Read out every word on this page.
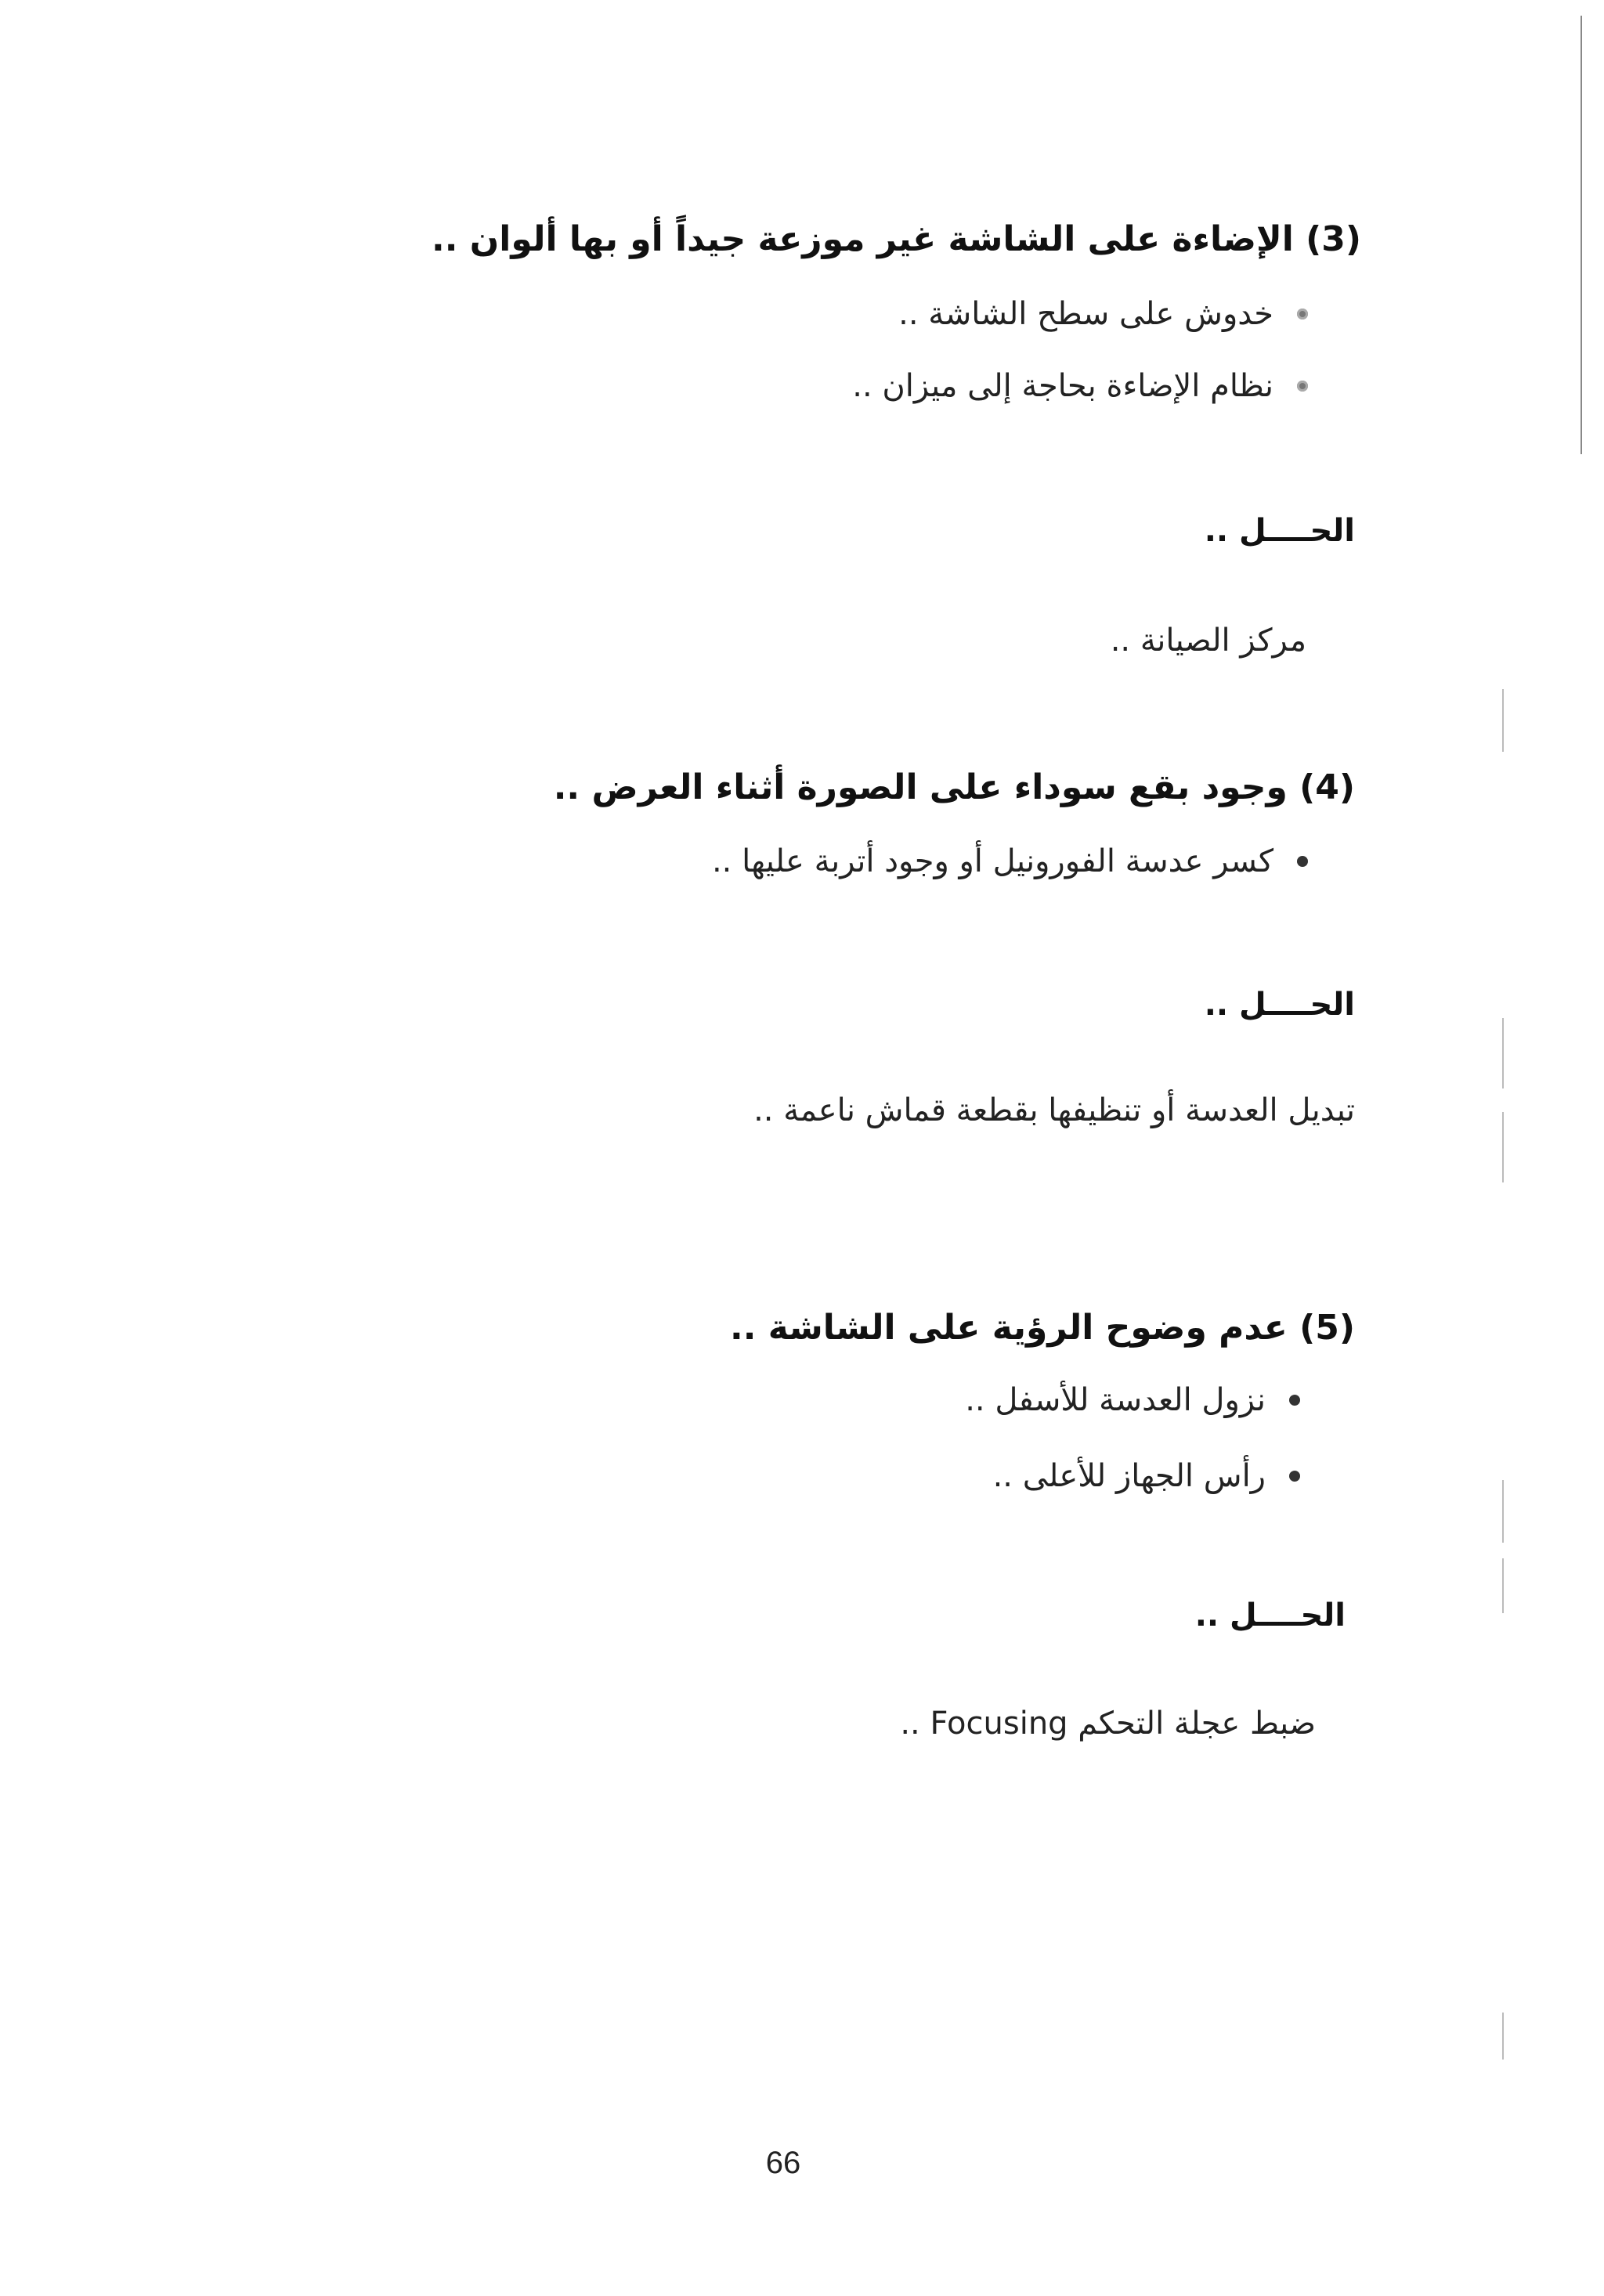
(3) الإضاءة على الشاشة غير موزعة جيداً أو بها ألوان ..
خدوش على سطح الشاشة ..
نظام الإضاءة بحاجة إلى ميزان ..
الحــــل ..
مركز الصيانة ..
(4) وجود بقع سوداء على الصورة أثناء العرض ..
كسر عدسة الفورونيل أو وجود أتربة عليها ..
الحــــل ..
تبديل العدسة أو تنظيفها بقطعة قماش ناعمة ..
(5) عدم وضوح الرؤية على الشاشة ..
نزول العدسة للأسفل ..
رأس الجهاز للأعلى ..
الحــــل ..
ضبط عجلة التحكم Focusing ..
66
